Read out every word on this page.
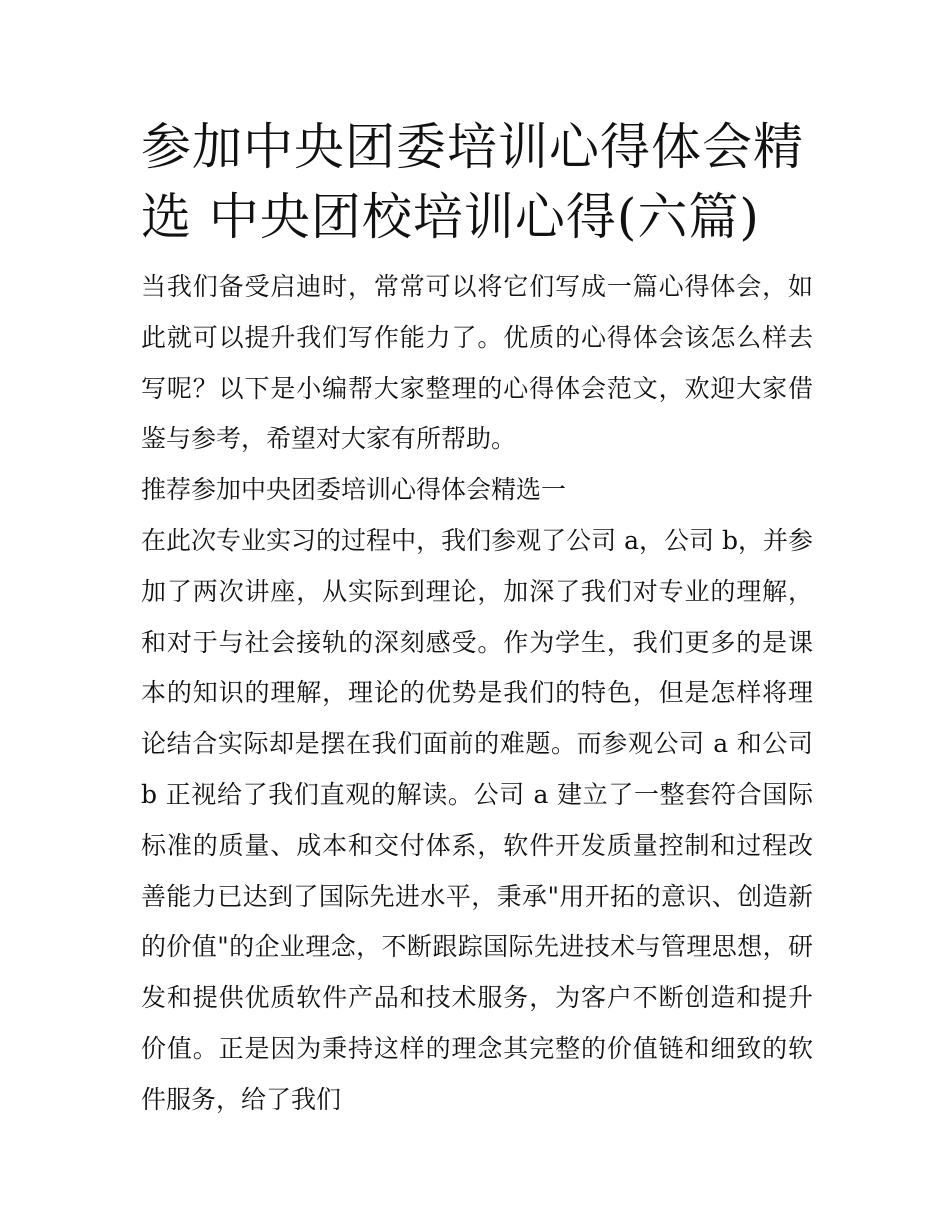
参加中央团委培训心得体会精选 中央团校培训心得(六篇)

当我们备受启迪时，常常可以将它们写成一篇心得体会，如此就可以提升我们写作能力了。优质的心得体会该怎么样去写呢？以下是小编帮大家整理的心得体会范文，欢迎大家借鉴与参考，希望对大家有所帮助。

推荐参加中央团委培训心得体会精选一

在此次专业实习的过程中，我们参观了公司 a，公司 b，并参加了两次讲座，从实际到理论，加深了我们对专业的理解，和对于与社会接轨的深刻感受。作为学生，我们更多的是课本的知识的理解，理论的优势是我们的特色，但是怎样将理论结合实际却是摆在我们面前的难题。而参观公司 a 和公司 b 正视给了我们直观的解读。公司 a 建立了一整套符合国际标准的质量、成本和交付体系，软件开发质量控制和过程改善能力已达到了国际先进水平，秉承"用开拓的意识、创造新的价值"的企业理念，不断跟踪国际先进技术与管理思想，研发和提供优质软件产品和技术服务，为客户不断创造和提升价值。正是因为秉持这样的理念其完整的价值链和细致的软件服务，给了我们
